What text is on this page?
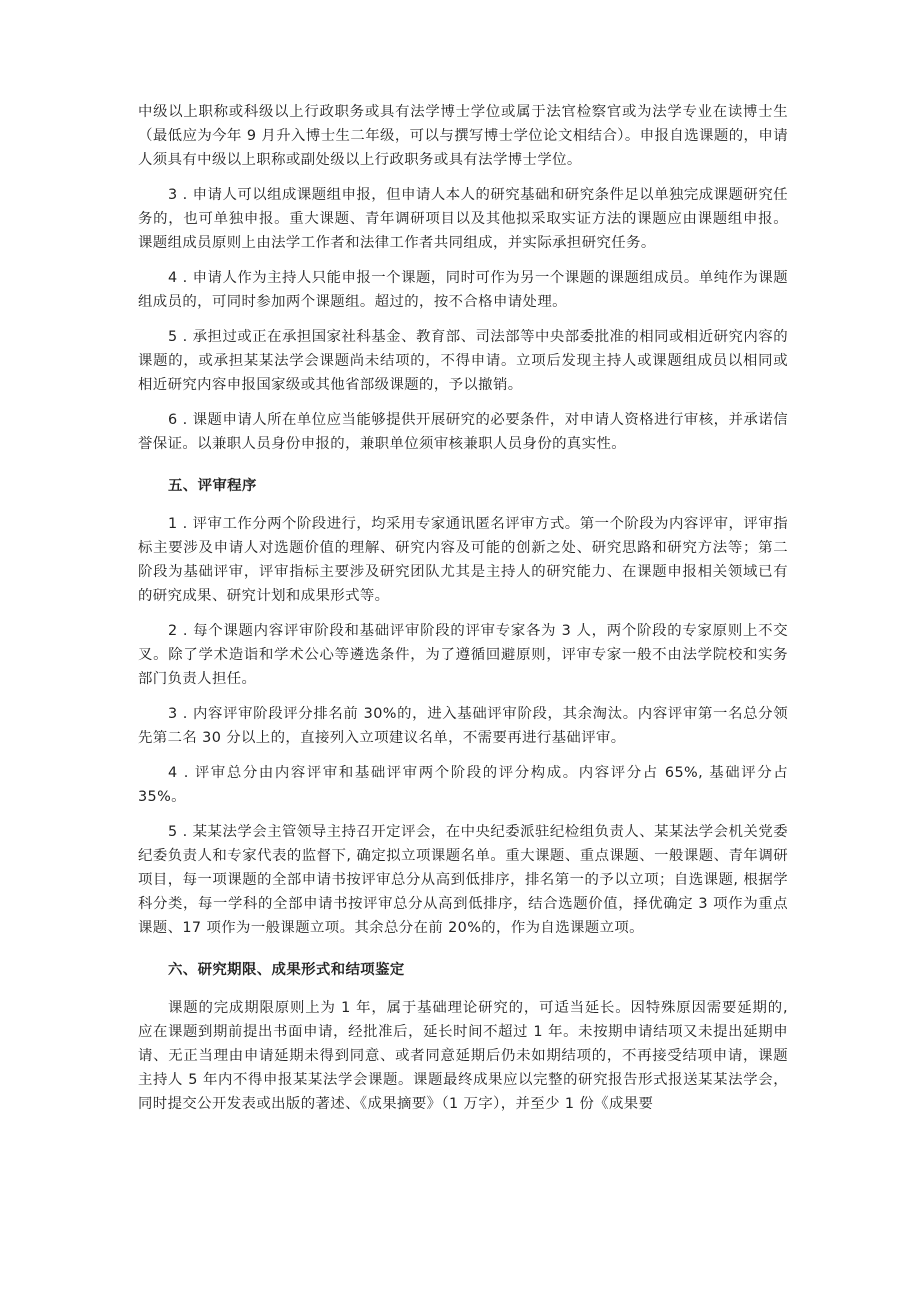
中级以上职称或科级以上行政职务或具有法学博士学位或属于法官检察官或为法学专业在读博士生（最低应为今年 9 月升入博士生二年级，可以与撰写博士学位论文相结合）。申报自选课题的，申请人须具有中级以上职称或副处级以上行政职务或具有法学博士学位。

3 . 申请人可以组成课题组申报，但申请人本人的研究基础和研究条件足以单独完成课题研究任务的，也可单独申报。重大课题、青年调研项目以及其他拟采取实证方法的课题应由课题组申报。课题组成员原则上由法学工作者和法律工作者共同组成，并实际承担研究任务。

4 . 申请人作为主持人只能申报一个课题，同时可作为另一个课题的课题组成员。单纯作为课题组成员的，可同时参加两个课题组。超过的，按不合格申请处理。

5 . 承担过或正在承担国家社科基金、教育部、司法部等中央部委批准的相同或相近研究内容的课题的，或承担某某法学会课题尚未结项的，不得申请。立项后发现主持人或课题组成员以相同或相近研究内容申报国家级或其他省部级课题的，予以撤销。

6 . 课题申请人所在单位应当能够提供开展研究的必要条件，对申请人资格进行审核，并承诺信誉保证。以兼职人员身份申报的，兼职单位须审核兼职人员身份的真实性。

五、评审程序

1 . 评审工作分两个阶段进行，均采用专家通讯匿名评审方式。第一个阶段为内容评审，评审指标主要涉及申请人对选题价值的理解、研究内容及可能的创新之处、研究思路和研究方法等；第二阶段为基础评审，评审指标主要涉及研究团队尤其是主持人的研究能力、在课题申报相关领域已有的研究成果、研究计划和成果形式等。

2 . 每个课题内容评审阶段和基础评审阶段的评审专家各为 3 人，两个阶段的专家原则上不交叉。除了学术造诣和学术公心等遴选条件，为了遵循回避原则，评审专家一般不由法学院校和实务部门负责人担任。

3 . 内容评审阶段评分排名前 30%的，进入基础评审阶段，其余淘汰。内容评审第一名总分领先第二名 30 分以上的，直接列入立项建议名单，不需要再进行基础评审。

4 . 评审总分由内容评审和基础评审两个阶段的评分构成。内容评分占 65%, 基础评分占 35%。

5 . 某某法学会主管领导主持召开定评会，在中央纪委派驻纪检组负责人、某某法学会机关党委纪委负责人和专家代表的监督下, 确定拟立项课题名单。重大课题、重点课题、一般课题、青年调研项目，每一项课题的全部申请书按评审总分从高到低排序，排名第一的予以立项；自选课题, 根据学科分类，每一学科的全部申请书按评审总分从高到低排序，结合选题价值，择优确定 3 项作为重点课题、17 项作为一般课题立项。其余总分在前 20%的，作为自选课题立项。

六、研究期限、成果形式和结项鉴定

课题的完成期限原则上为 1 年，属于基础理论研究的，可适当延长。因特殊原因需要延期的, 应在课题到期前提出书面申请，经批准后，延长时间不超过 1 年。未按期申请结项又未提出延期申请、无正当理由申请延期未得到同意、或者同意延期后仍未如期结项的，不再接受结项申请，课题主持人 5 年内不得申报某某法学会课题。课题最终成果应以完整的研究报告形式报送某某法学会，同时提交公开发表或出版的著述、《成果摘要》（1 万字），并至少 1 份《成果要
